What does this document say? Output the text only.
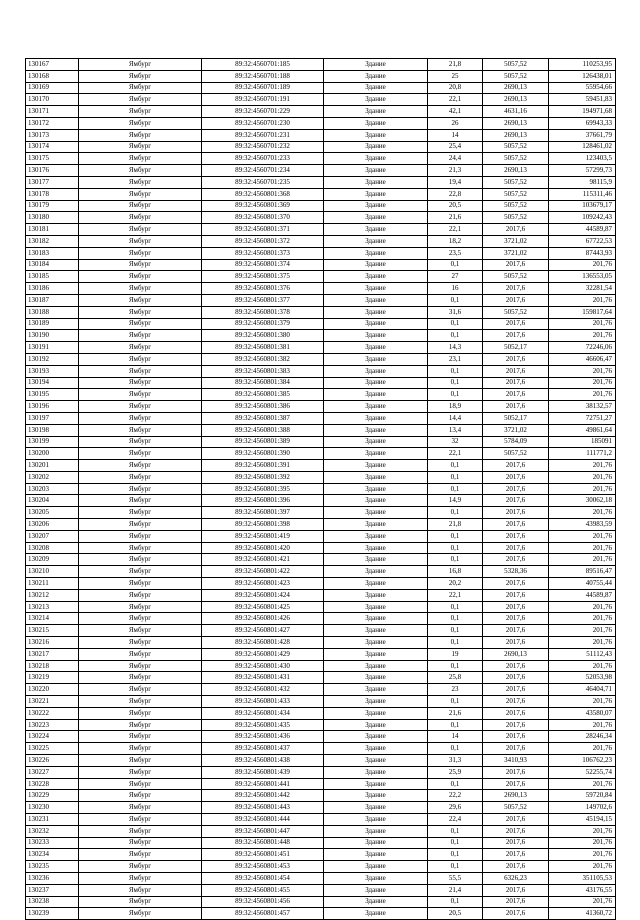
130167	Ямбург	89:32:4560701:185	Здание	21,8	5057,52	110253,95
130168	Ямбург	89:32:4560701:188	Здание	25	5057,52	126438,01
130169	Ямбург	89:32:4560701:189	Здание	20,8	2690,13	55954,66
130170	Ямбург	89:32:4560701:191	Здание	22,1	2690,13	59451,83
130171	Ямбург	89:32:4560701:229	Здание	42,1	4631,16	194971,68
130172	Ямбург	89:32:4560701:230	Здание	26	2690,13	69943,33
130173	Ямбург	89:32:4560701:231	Здание	14	2690,13	37661,79
130174	Ямбург	89:32:4560701:232	Здание	25,4	5057,52	128461,02
130175	Ямбург	89:32:4560701:233	Здание	24,4	5057,52	123403,5
130176	Ямбург	89:32:4560701:234	Здание	21,3	2690,13	57299,73
130177	Ямбург	89:32:4560701:235	Здание	19,4	5057,52	98115,9
130178	Ямбург	89:32:4560801:368	Здание	22,8	5057,52	115311,46
130179	Ямбург	89:32:4560801:369	Здание	20,5	5057,52	103679,17
130180	Ямбург	89:32:4560801:370	Здание	21,6	5057,52	109242,43
130181	Ямбург	89:32:4560801:371	Здание	22,1	2017,6	44589,87
130182	Ямбург	89:32:4560801:372	Здание	18,2	3721,02	67722,53
130183	Ямбург	89:32:4560801:373	Здание	23,5	3721,02	87443,93
130184	Ямбург	89:32:4560801:374	Здание	0,1	2017,6	201,76
130185	Ямбург	89:32:4560801:375	Здание	27	5057,52	136553,05
130186	Ямбург	89:32:4560801:376	Здание	16	2017,6	32281,54
130187	Ямбург	89:32:4560801:377	Здание	0,1	2017,6	201,76
130188	Ямбург	89:32:4560801:378	Здание	31,6	5057,52	159817,64
130189	Ямбург	89:32:4560801:379	Здание	0,1	2017,6	201,76
130190	Ямбург	89:32:4560801:380	Здание	0,1	2017,6	201,76
130191	Ямбург	89:32:4560801:381	Здание	14,3	5052,17	72246,06
130192	Ямбург	89:32:4560801:382	Здание	23,1	2017,6	46606,47
130193	Ямбург	89:32:4560801:383	Здание	0,1	2017,6	201,76
130194	Ямбург	89:32:4560801:384	Здание	0,1	2017,6	201,76
130195	Ямбург	89:32:4560801:385	Здание	0,1	2017,6	201,76
130196	Ямбург	89:32:4560801:386	Здание	18,9	2017,6	38132,57
130197	Ямбург	89:32:4560801:387	Здание	14,4	5052,17	72751,27
130198	Ямбург	89:32:4560801:388	Здание	13,4	3721,02	49861,64
130199	Ямбург	89:32:4560801:389	Здание	32	5784,09	185091
130200	Ямбург	89:32:4560801:390	Здание	22,1	5057,52	111771,2
130201	Ямбург	89:32:4560801:391	Здание	0,1	2017,6	201,76
130202	Ямбург	89:32:4560801:392	Здание	0,1	2017,6	201,76
130203	Ямбург	89:32:4560801:395	Здание	0,1	2017,6	201,76
130204	Ямбург	89:32:4560801:396	Здание	14,9	2017,6	30062,18
130205	Ямбург	89:32:4560801:397	Здание	0,1	2017,6	201,76
130206	Ямбург	89:32:4560801:398	Здание	21,8	2017,6	43983,59
130207	Ямбург	89:32:4560801:419	Здание	0,1	2017,6	201,76
130208	Ямбург	89:32:4560801:420	Здание	0,1	2017,6	201,76
130209	Ямбург	89:32:4560801:421	Здание	0,1	2017,6	201,76
130210	Ямбург	89:32:4560801:422	Здание	16,8	5328,36	89516,47
130211	Ямбург	89:32:4560801:423	Здание	20,2	2017,6	40755,44
130212	Ямбург	89:32:4560801:424	Здание	22,1	2017,6	44589,87
130213	Ямбург	89:32:4560801:425	Здание	0,1	2017,6	201,76
130214	Ямбург	89:32:4560801:426	Здание	0,1	2017,6	201,76
130215	Ямбург	89:32:4560801:427	Здание	0,1	2017,6	201,76
130216	Ямбург	89:32:4560801:428	Здание	0,1	2017,6	201,76
130217	Ямбург	89:32:4560801:429	Здание	19	2690,13	51112,43
130218	Ямбург	89:32:4560801:430	Здание	0,1	2017,6	201,76
130219	Ямбург	89:32:4560801:431	Здание	25,8	2017,6	52053,98
130220	Ямбург	89:32:4560801:432	Здание	23	2017,6	46404,71
130221	Ямбург	89:32:4560801:433	Здание	0,1	2017,6	201,76
130222	Ямбург	89:32:4560801:434	Здание	21,6	2017,6	43580,07
130223	Ямбург	89:32:4560801:435	Здание	0,1	2017,6	201,76
130224	Ямбург	89:32:4560801:436	Здание	14	2017,6	28246,34
130225	Ямбург	89:32:4560801:437	Здание	0,1	2017,6	201,76
130226	Ямбург	89:32:4560801:438	Здание	31,3	3410,93	106762,23
130227	Ямбург	89:32:4560801:439	Здание	25,9	2017,6	52255,74
130228	Ямбург	89:32:4560801:441	Здание	0,1	2017,6	201,76
130229	Ямбург	89:32:4560801:442	Здание	22,2	2690,13	59720,84
130230	Ямбург	89:32:4560801:443	Здание	29,6	5057,52	149702,6
130231	Ямбург	89:32:4560801:444	Здание	22,4	2017,6	45194,15
130232	Ямбург	89:32:4560801:447	Здание	0,1	2017,6	201,76
130233	Ямбург	89:32:4560801:448	Здание	0,1	2017,6	201,76
130234	Ямбург	89:32:4560801:451	Здание	0,1	2017,6	201,76
130235	Ямбург	89:32:4560801:453	Здание	0,1	2017,6	201,76
130236	Ямбург	89:32:4560801:454	Здание	55,5	6326,23	351105,53
130237	Ямбург	89:32:4560801:455	Здание	21,4	2017,6	43176,55
130238	Ямбург	89:32:4560801:456	Здание	0,1	2017,6	201,76
130239	Ямбург	89:32:4560801:457	Здание	20,5	2017,6	41360,72
